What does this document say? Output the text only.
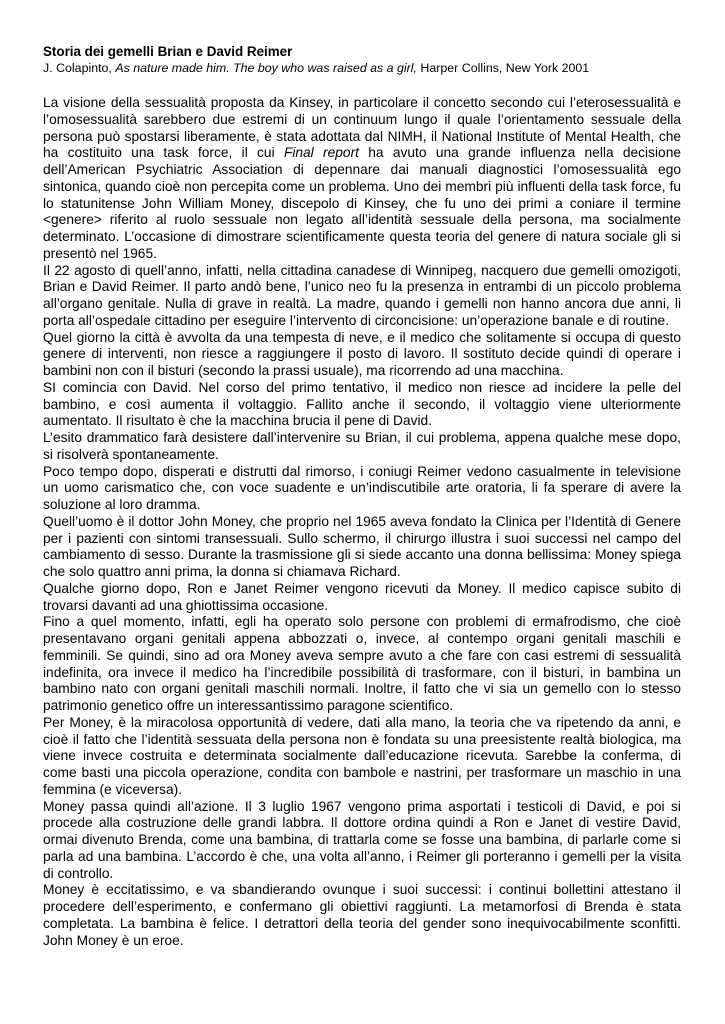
Storia dei gemelli Brian e David Reimer

J. Colapinto, As nature made him. The boy who was raised as a girl, Harper Collins, New York 2001

La visione della sessualità proposta da Kinsey, in particolare il concetto secondo cui l’eterosessualità e l’omosessualità sarebbero due estremi di un continuum lungo il quale l’orientamento sessuale della persona può spostarsi liberamente, è stata adottata dal NIMH, il National Institute of Mental Health, che ha costituito una task force, il cui Final report ha avuto una grande influenza nella decisione dell’American Psychiatric Association di depennare dai manuali diagnostici l’omosessualità ego sintonica, quando cioè non percepita come un problema. Uno dei membri più influenti della task force, fu lo statunitense John William Money, discepolo di Kinsey, che fu uno dei primi a coniare il termine <genere> riferito al ruolo sessuale non legato all’identità sessuale della persona, ma socialmente determinato. L’occasione di dimostrare scientificamente questa teoria del genere di natura sociale gli si presentò nel 1965.

Il 22 agosto di quell’anno, infatti, nella cittadina canadese di Winnipeg, nacquero due gemelli omozigoti, Brian e David Reimer. Il parto andò bene, l’unico neo fu la presenza in entrambi di un piccolo problema all’organo genitale. Nulla di grave in realtà. La madre, quando i gemelli non hanno ancora due anni, li porta all’ospedale cittadino per eseguire l’intervento di circoncisione: un’operazione banale e di routine.

Quel giorno la città è avvolta da una tempesta di neve, e il medico che solitamente si occupa di questo genere di interventi, non riesce a raggiungere il posto di lavoro. Il sostituto decide quindi di operare i bambini non con il bisturi (secondo la prassi usuale), ma ricorrendo ad una macchina.

SI comincia con David. Nel corso del primo tentativo, il medico non riesce ad incidere la pelle del bambino, e così aumenta il voltaggio. Fallito anche il secondo, il voltaggio viene ulteriormente aumentato. Il risultato è che la macchina brucia il pene di David.

L’esito drammatico farà desistere dall’intervenire su Brian, il cui problema, appena qualche mese dopo, si risolverà spontaneamente.

Poco tempo dopo, disperati e distrutti dal rimorso, i coniugi Reimer vedono casualmente in televisione un uomo carismatico che, con voce suadente e un’indiscutibile arte oratoria, li fa sperare di avere la soluzione al loro dramma.

Quell’uomo è il dottor John Money, che proprio nel 1965 aveva fondato la Clinica per l’Identità di Genere per i pazienti con sintomi transessuali. Sullo schermo, il chirurgo illustra i suoi successi nel campo del cambiamento di sesso. Durante la trasmissione gli si siede accanto una donna bellissima: Money spiega che solo quattro anni prima, la donna si chiamava Richard.

Qualche giorno dopo, Ron e Janet Reimer vengono ricevuti da Money. Il medico capisce subito di trovarsi davanti ad una ghiottissima occasione.

Fino a quel momento, infatti, egli ha operato solo persone con problemi di ermafrodismo, che cioè presentavano organi genitali appena abbozzati o, invece, al contempo organi genitali maschili e femminili. Se quindi, sino ad ora Money aveva sempre avuto a che fare con casi estremi di sessualità indefinita, ora invece il medico ha l’incredibile possibilità di trasformare, con il bisturi, in bambina un bambino nato con organi genitali maschili normali. Inoltre, il fatto che vi sia un gemello con lo stesso patrimonio genetico offre un interessantissimo paragone scientifico.

Per Money, è la miracolosa opportunità di vedere, dati alla mano, la teoria che va ripetendo da anni, e cioè il fatto che l’identità sessuata della persona non è fondata su una preesistente realtà biologica, ma viene invece costruita e determinata socialmente dall’educazione ricevuta. Sarebbe la conferma, di come basti una piccola operazione, condita con bambole e nastrini, per trasformare un maschio in una femmina (e viceversa).

Money passa quindi all’azione. Il 3 luglio 1967 vengono prima asportati i testicoli di David, e poi si procede alla costruzione delle grandi labbra. Il dottore ordina quindi a Ron e Janet di vestire David, ormai divenuto Brenda, come una bambina, di trattarla come se fosse una bambina, di parlarle come si parla ad una bambina. L’accordo è che, una volta all’anno, i Reimer gli porteranno i gemelli per la visita di controllo.

Money è eccitatissimo, e va sbandierando ovunque i suoi successi: i continui bollettini attestano il procedere dell’esperimento, e confermano gli obiettivi raggiunti. La metamorfosi di Brenda è stata completata. La bambina è felice. I detrattori della teoria del gender sono inequivocabilmente sconfitti. John Money è un eroe.
